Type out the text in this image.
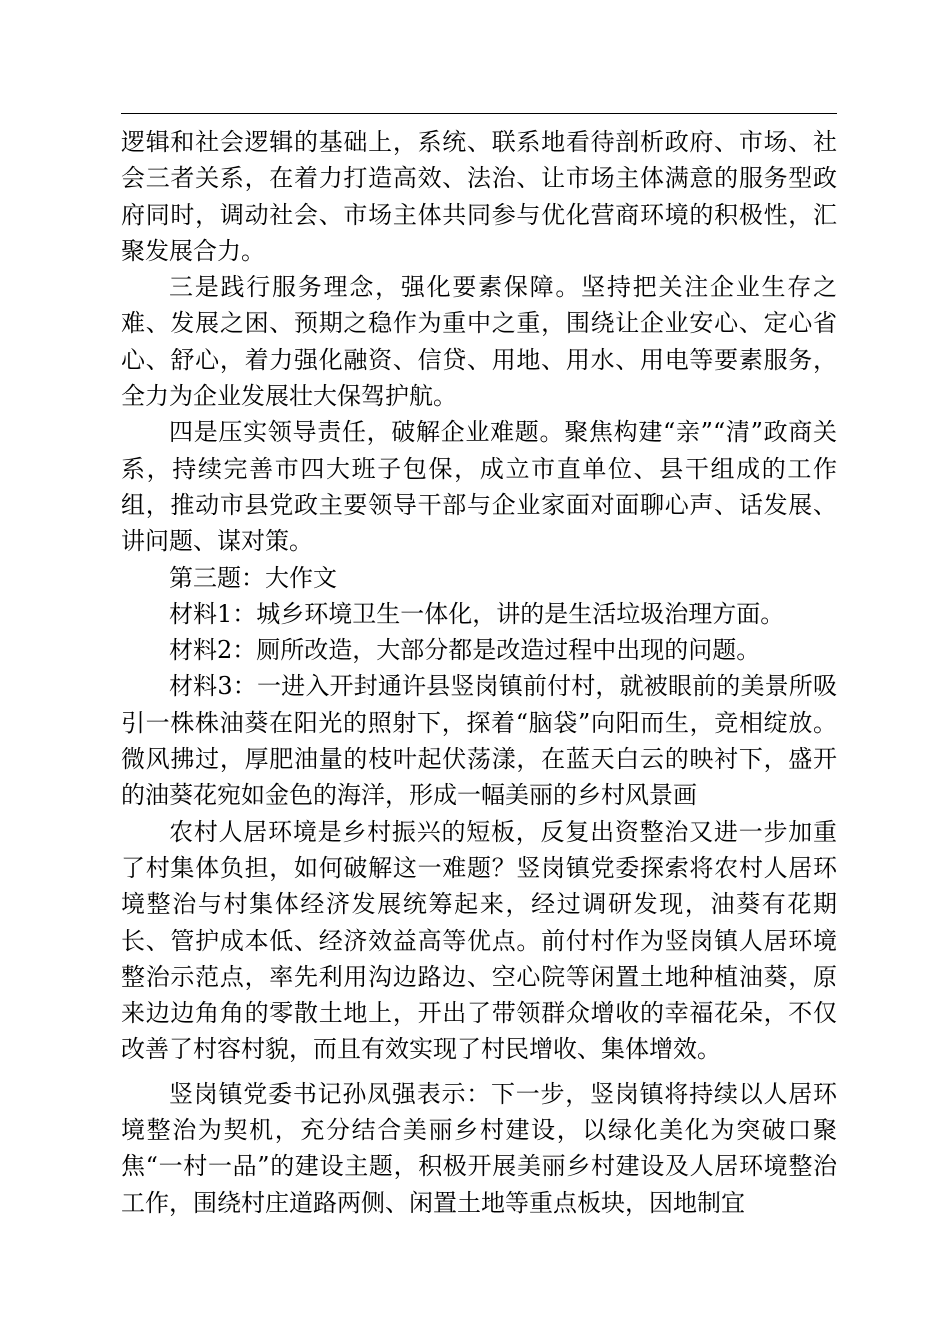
逻辑和社会逻辑的基础上，系统、联系地看待剖析政府、市场、社会三者关系，在着力打造高效、法治、让市场主体满意的服务型政府同时，调动社会、市场主体共同参与优化营商环境的积极性，汇聚发展合力。

三是践行服务理念，强化要素保障。坚持把关注企业生存之难、发展之困、预期之稳作为重中之重，围绕让企业安心、定心省心、舒心，着力强化融资、信贷、用地、用水、用电等要素服务，全力为企业发展壮大保驾护航。

四是压实领导责任，破解企业难题。聚焦构建“亲”“清”政商关系，持续完善市四大班子包保，成立市直单位、县干组成的工作组，推动市县党政主要领导干部与企业家面对面聊心声、话发展、讲问题、谋对策。

第三题：大作文

材料1：城乡环境卫生一体化，讲的是生活垃圾治理方面。

材料2：厕所改造，大部分都是改造过程中出现的问题。

材料3：一进入开封通许县竖岗镇前付村，就被眼前的美景所吸引一株株油葵在阳光的照射下，探着“脑袋”向阳而生，竞相绽放。微风拂过，厚肥油量的枝叶起伏荡漾，在蓝天白云的映衬下，盛开的油葵花宛如金色的海洋，形成一幅美丽的乡村风景画

农村人居环境是乡村振兴的短板，反复出资整治又进一步加重了村集体负担，如何破解这一难题？竖岗镇党委探索将农村人居环境整治与村集体经济发展统筹起来，经过调研发现，油葵有花期长、管护成本低、经济效益高等优点。前付村作为竖岗镇人居环境整治示范点，率先利用沟边路边、空心院等闲置土地种植油葵，原来边边角角的零散土地上，开出了带领群众增收的幸福花朵，不仅改善了村容村貌，而且有效实现了村民增收、集体增效。

竖岗镇党委书记孙凤强表示：下一步，竖岗镇将持续以人居环境整治为契机，充分结合美丽乡村建设，以绿化美化为突破口聚焦“一村一品”的建设主题，积极开展美丽乡村建设及人居环境整治工作，围绕村庄道路两侧、闲置土地等重点板块，因地制宜
